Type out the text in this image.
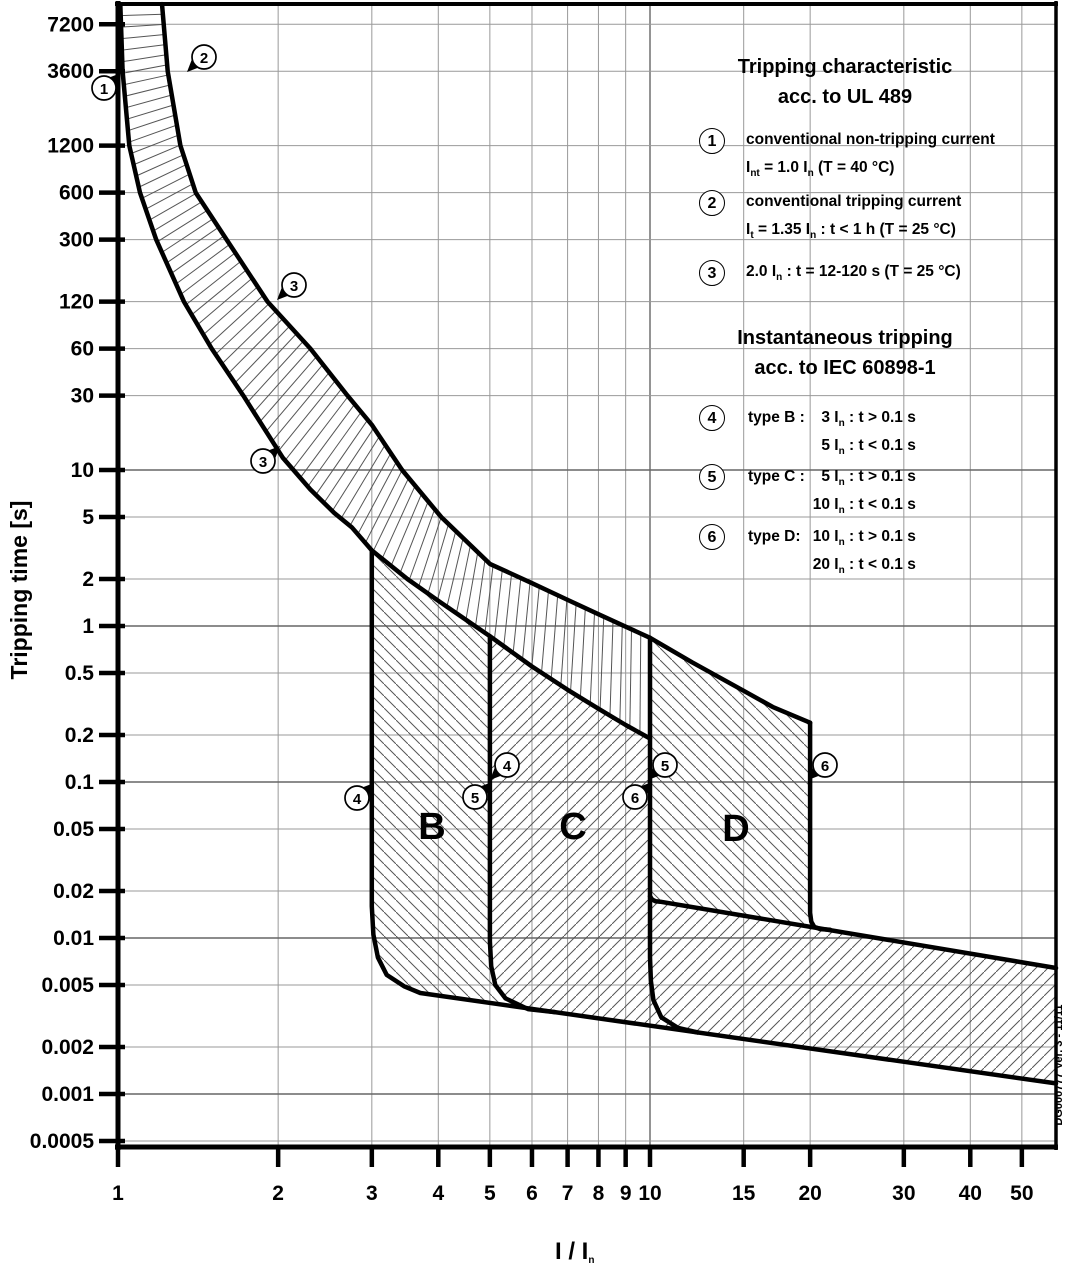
1
2
3
3
4
4
5
5
6
6
7200
3600
1200
600
300
120
60
30
10
5
2
1
0.5
0.2
0.1
0.05
0.02
0.01
0.005
0.002
0.001
0.0005
1	2	3	4 5 6 7 8 9 10	15 20	30 40 50
Tripping characteristic
acc. to UL 489
1	conventional non-tripping current
$I_{nt} = 1.0$ $I_n$ (T = 40 °C)
2	conventional tripping current
$I_t = 1.35$ $I_n$ : t < 1 h (T = 25 °C)
3	2.0 $I_n$ : t = 12-120 s (T = 25 °C)
Instantaneous tripping
acc. to IEC 60898-1
4	type B :	3 $I_n$ : t > 0.1 s
5 $I_n$ : t < 0.1 s
5	type C :	5 $I_n$ : t > 0.1 s
10 $I_n$ : t < 0.1 s
6	type D: 10 $I_n$ : t > 0.1 s
20 $I_n$ : t < 0.1 s
B	C	D
Tripping time [s]
I / $I_n$
DG000777 Ver. 3 - 11/11
